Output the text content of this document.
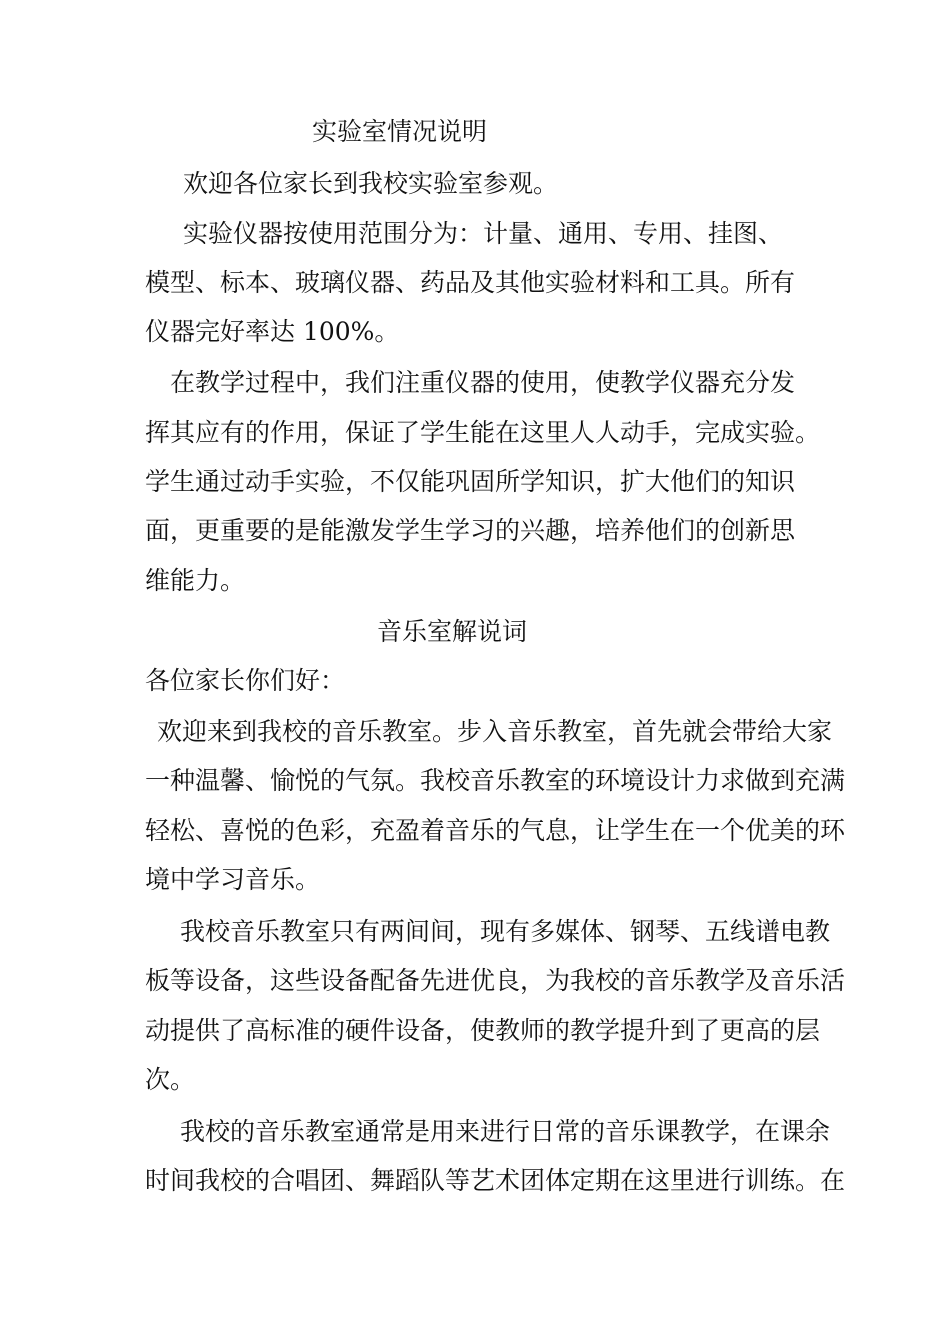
实验室情况说明
欢迎各位家长到我校实验室参观。
实验仪器按使用范围分为：计量、通用、专用、挂图、
模型、标本、玻璃仪器、药品及其他实验材料和工具。所有
仪器完好率达 100%。
在教学过程中，我们注重仪器的使用，使教学仪器充分发
挥其应有的作用，保证了学生能在这里人人动手，完成实验。
学生通过动手实验，不仅能巩固所学知识，扩大他们的知识
面，更重要的是能激发学生学习的兴趣，培养他们的创新思
维能力。
音乐室解说词
各位家长你们好：
欢迎来到我校的音乐教室。步入音乐教室，首先就会带给大家
一种温馨、愉悦的气氛。我校音乐教室的环境设计力求做到充满
轻松、喜悦的色彩，充盈着音乐的气息，让学生在一个优美的环
境中学习音乐。
我校音乐教室只有两间间，现有多媒体、钢琴、五线谱电教
板等设备，这些设备配备先进优良，为我校的音乐教学及音乐活
动提供了高标准的硬件设备，使教师的教学提升到了更高的层
次。
我校的音乐教室通常是用来进行日常的音乐课教学，在课余
时间我校的合唱团、舞蹈队等艺术团体定期在这里进行训练。在
